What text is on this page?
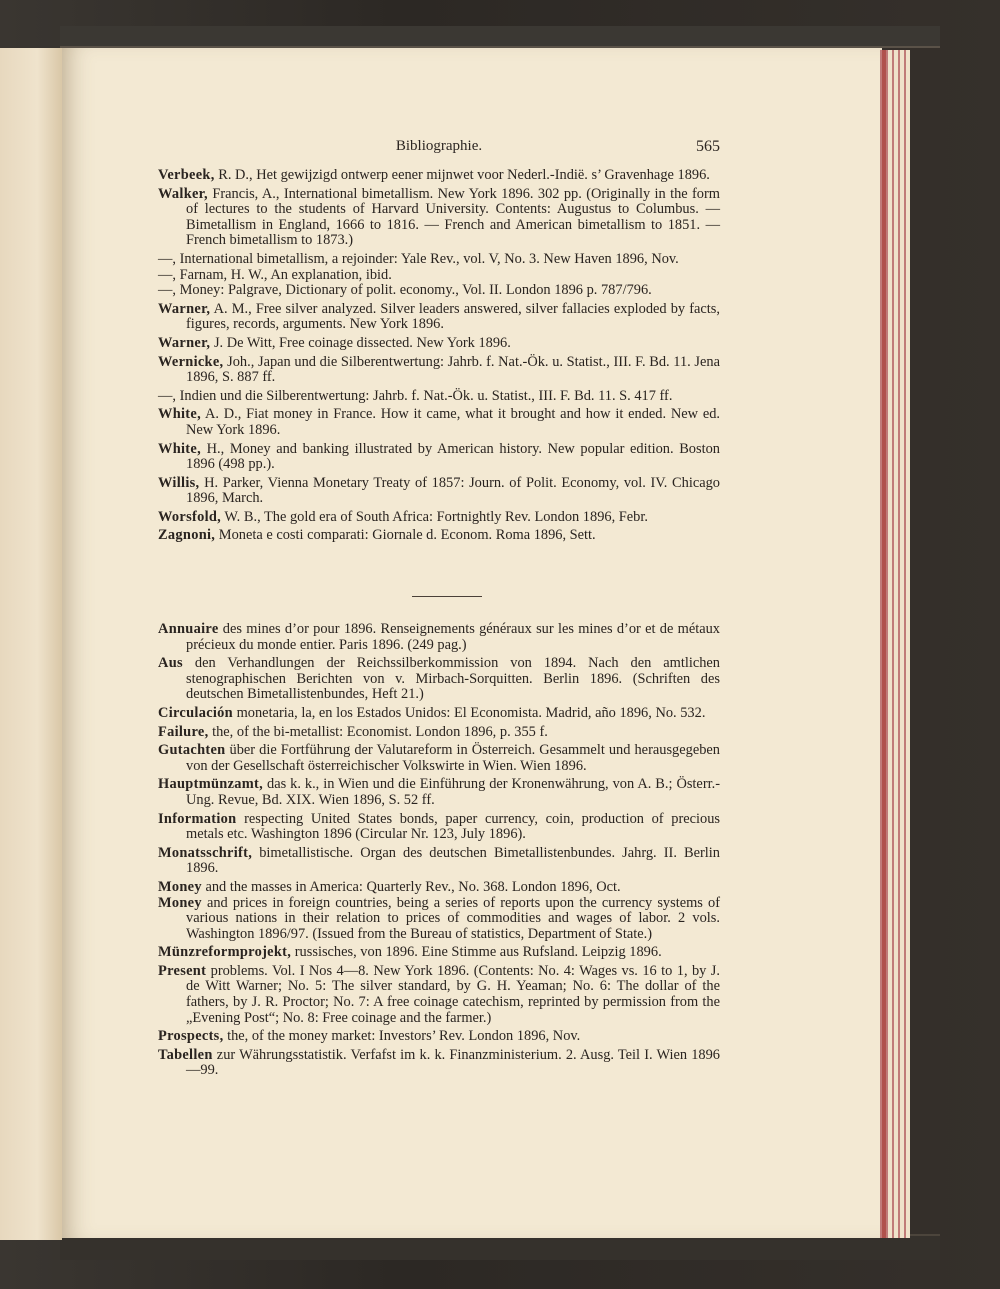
Bibliographie.	565
Verbeek, R. D., Het gewijzigd ontwerp eener mijnwet voor Nederl.-Indië. s’ Gravenhage 1896.
Walker, Francis, A., International bimetallism. New York 1896. 302 pp. (Originally in the form of lectures to the students of Harvard University. Contents: Augustus to Columbus. — Bimetallism in England, 1666 to 1816. — French and American bimetallism to 1851. — French bimetallism to 1873.)
—, International bimetallism, a rejoinder: Yale Rev., vol. V, No. 3. New Haven 1896, Nov.
—, Farnam, H. W., An explanation, ibid.
—, Money: Palgrave, Dictionary of polit. economy., Vol. II. London 1896 p. 787/796.
Warner, A. M., Free silver analyzed. Silver leaders answered, silver fallacies exploded by facts, figures, records, arguments. New York 1896.
Warner, J. De Witt, Free coinage dissected. New York 1896.
Wernicke, Joh., Japan und die Silberentwertung: Jahrb. f. Nat.-Ök. u. Statist., III. F. Bd. 11. Jena 1896, S. 887 ff.
—, Indien und die Silberentwertung: Jahrb. f. Nat.-Ök. u. Statist., III. F. Bd. 11. S. 417 ff.
White, A. D., Fiat money in France. How it came, what it brought and how it ended. New ed. New York 1896.
White, H., Money and banking illustrated by American history. New popular edition. Boston 1896 (498 pp.).
Willis, H. Parker, Vienna Monetary Treaty of 1857: Journ. of Polit. Economy, vol. IV. Chicago 1896, March.
Worsfold, W. B., The gold era of South Africa: Fortnightly Rev. London 1896, Febr.
Zagnoni, Moneta e costi comparati: Giornale d. Econom. Roma 1896, Sett.
Annuaire des mines d’or pour 1896. Renseignements généraux sur les mines d’or et de métaux précieux du monde entier. Paris 1896. (249 pag.)
Aus den Verhandlungen der Reichssilberkommission von 1894. Nach den amtlichen stenographischen Berichten von v. Mirbach-Sorquitten. Berlin 1896. (Schriften des deutschen Bimetallistenbundes, Heft 21.)
Circulación monetaria, la, en los Estados Unidos: El Economista. Madrid, año 1896, No. 532.
Failure, the, of the bi-metallist: Economist. London 1896, p. 355 f.
Gutachten über die Fortführung der Valutareform in Österreich. Gesammelt und herausgegeben von der Gesellschaft österreichischer Volkswirte in Wien. Wien 1896.
Hauptmünzamt, das k. k., in Wien und die Einführung der Kronenwährung, von A. B.; Österr.-Ung. Revue, Bd. XIX. Wien 1896, S. 52 ff.
Information respecting United States bonds, paper currency, coin, production of precious metals etc. Washington 1896 (Circular Nr. 123, July 1896).
Monatsschrift, bimetallistische. Organ des deutschen Bimetallistenbundes. Jahrg. II. Berlin 1896.
Money and the masses in America: Quarterly Rev., No. 368. London 1896, Oct.
Money and prices in foreign countries, being a series of reports upon the currency systems of various nations in their relation to prices of commodities and wages of labor. 2 vols. Washington 1896/97. (Issued from the Bureau of statistics, Department of State.)
Münzreformprojekt, russisches, von 1896. Eine Stimme aus Rufsland. Leipzig 1896.
Present problems. Vol. I Nos 4—8. New York 1896. (Contents: No. 4: Wages vs. 16 to 1, by J. de Witt Warner; No. 5: The silver standard, by G. H. Yeaman; No. 6: The dollar of the fathers, by J. R. Proctor; No. 7: A free coinage catechism, reprinted by permission from the „Evening Post“; No. 8: Free coinage and the farmer.)
Prospects, the, of the money market: Investors’ Rev. London 1896, Nov.
Tabellen zur Währungsstatistik. Verfafst im k. k. Finanzministerium. 2. Ausg. Teil I. Wien 1896—99.
